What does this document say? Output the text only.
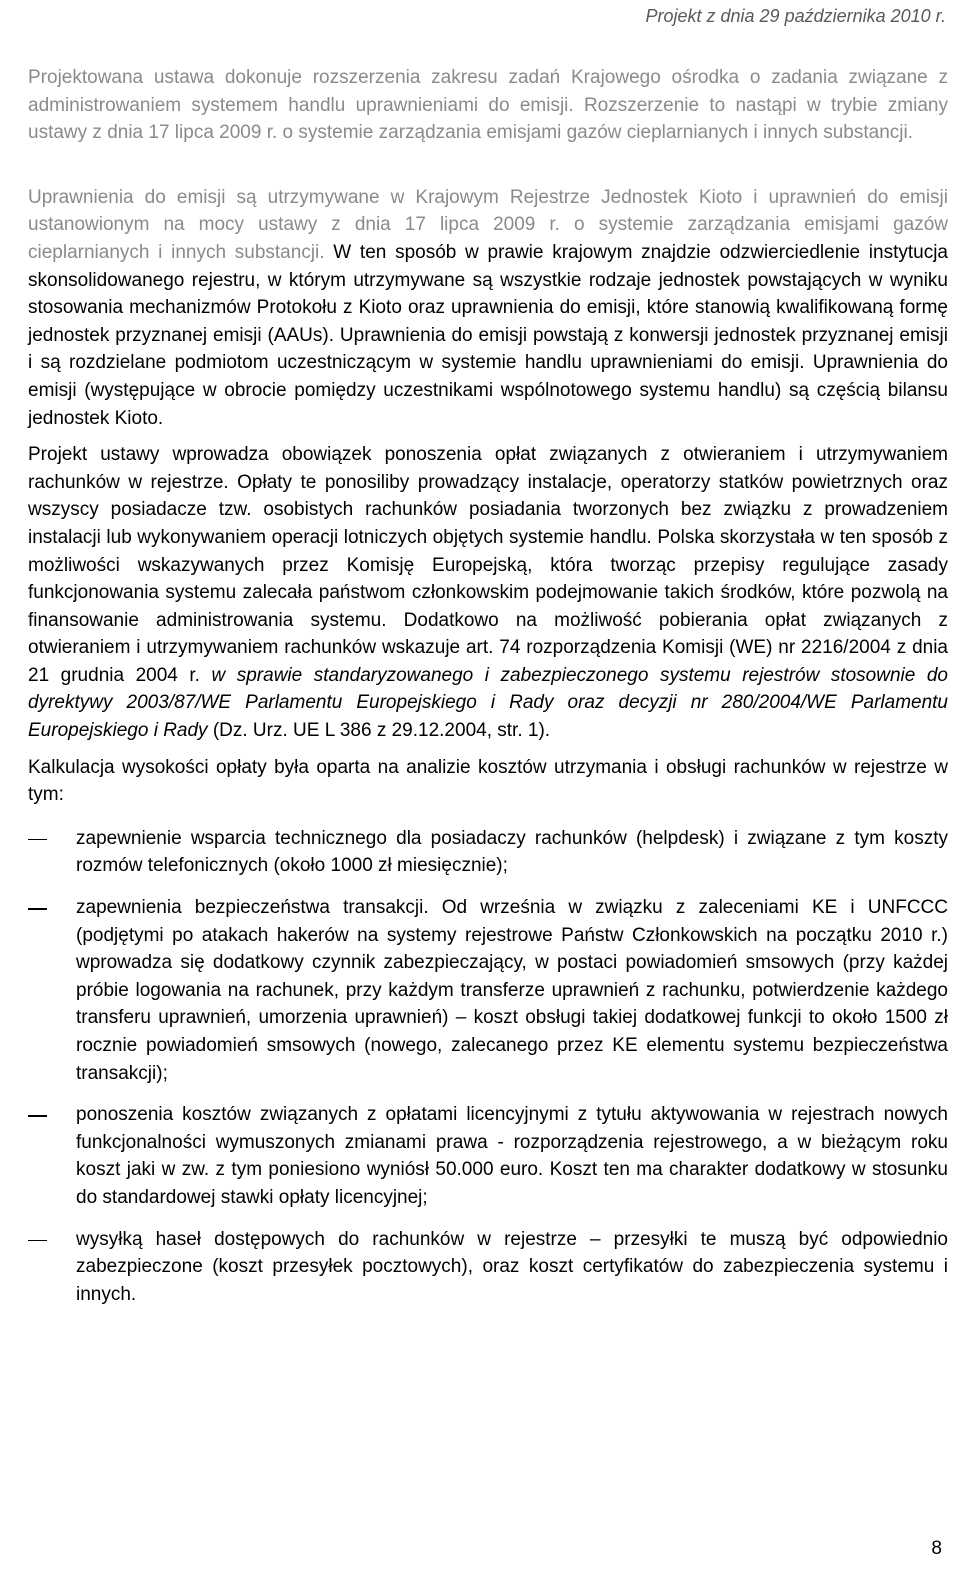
Projekt z dnia 29 października 2010 r.

Projektowana ustawa dokonuje rozszerzenia zakresu zadań Krajowego ośrodka o zadania związane z administrowaniem systemem handlu uprawnieniami do emisji. Rozszerzenie to nastąpi w trybie zmiany ustawy z dnia 17 lipca 2009 r. o systemie zarządzania emisjami gazów cieplarnianych i innych substancji.

Uprawnienia do emisji są utrzymywane w Krajowym Rejestrze Jednostek Kioto i uprawnień do emisji ustanowionym na mocy ustawy z dnia 17 lipca 2009 r. o systemie zarządzania emisjami gazów cieplarnianych i innych substancji. W ten sposób w prawie krajowym znajdzie odzwierciedlenie instytucja skonsolidowanego rejestru, w którym utrzymywane są wszystkie rodzaje jednostek powstających w wyniku stosowania mechanizmów Protokołu z Kioto oraz uprawnienia do emisji, które stanowią kwalifikowaną formę jednostek przyznanej emisji (AAUs). Uprawnienia do emisji powstają z konwersji jednostek przyznanej emisji i są rozdzielane podmiotom uczestniczącym w systemie handlu uprawnieniami do emisji. Uprawnienia do emisji (występujące w obrocie pomiędzy uczestnikami wspólnotowego systemu handlu) są częścią bilansu jednostek Kioto.

Projekt ustawy wprowadza obowiązek ponoszenia opłat związanych z otwieraniem i utrzymywaniem rachunków w rejestrze. Opłaty te ponosiliby prowadzący instalacje, operatorzy statków powietrznych oraz wszyscy posiadacze tzw. osobistych rachunków posiadania tworzonych bez związku z prowadzeniem instalacji lub wykonywaniem operacji lotniczych objętych systemie handlu. Polska skorzystała w ten sposób z możliwości wskazywanych przez Komisję Europejską, która tworząc przepisy regulujące zasady funkcjonowania systemu zalecała państwom członkowskim podejmowanie takich środków, które pozwolą na finansowanie administrowania systemu. Dodatkowo na możliwość pobierania opłat związanych z otwieraniem i utrzymywaniem rachunków wskazuje art. 74 rozporządzenia Komisji (WE) nr 2216/2004 z dnia 21 grudnia 2004 r. w sprawie standaryzowanego i zabezpieczonego systemu rejestrów stosownie do dyrektywy 2003/87/WE Parlamentu Europejskiego i Rady oraz decyzji nr 280/2004/WE Parlamentu Europejskiego i Rady (Dz. Urz. UE L 386 z 29.12.2004, str. 1).

Kalkulacja wysokości opłaty była oparta na analizie kosztów utrzymania i obsługi rachunków w rejestrze w tym:

zapewnienie wsparcia technicznego dla posiadaczy rachunków (helpdesk) i związane z tym koszty rozmów telefonicznych (około 1000 zł miesięcznie);
zapewnienia bezpieczeństwa transakcji. Od września w związku z zaleceniami KE i UNFCCC (podjętymi po atakach hakerów na systemy rejestrowe Państw Członkowskich na początku 2010 r.) wprowadza się dodatkowy czynnik zabezpieczający, w postaci powiadomień smsowych (przy każdej próbie logowania na rachunek, przy każdym transferze uprawnień z rachunku, potwierdzenie każdego transferu uprawnień, umorzenia uprawnień) – koszt obsługi takiej dodatkowej funkcji to około 1500 zł rocznie powiadomień smsowych (nowego, zalecanego przez KE elementu systemu bezpieczeństwa transakcji);
ponoszenia kosztów związanych z opłatami licencyjnymi z tytułu aktywowania w rejestrach nowych funkcjonalności wymuszonych zmianami prawa - rozporządzenia rejestrowego, a w bieżącym roku koszt jaki w zw. z tym poniesiono wyniósł 50.000 euro. Koszt ten ma charakter dodatkowy w stosunku do standardowej stawki opłaty licencyjnej;
wysyłką haseł dostępowych do rachunków w rejestrze – przesyłki te muszą być odpowiednio zabezpieczone (koszt przesyłek pocztowych), oraz koszt certyfikatów do zabezpieczenia systemu i innych.
8
